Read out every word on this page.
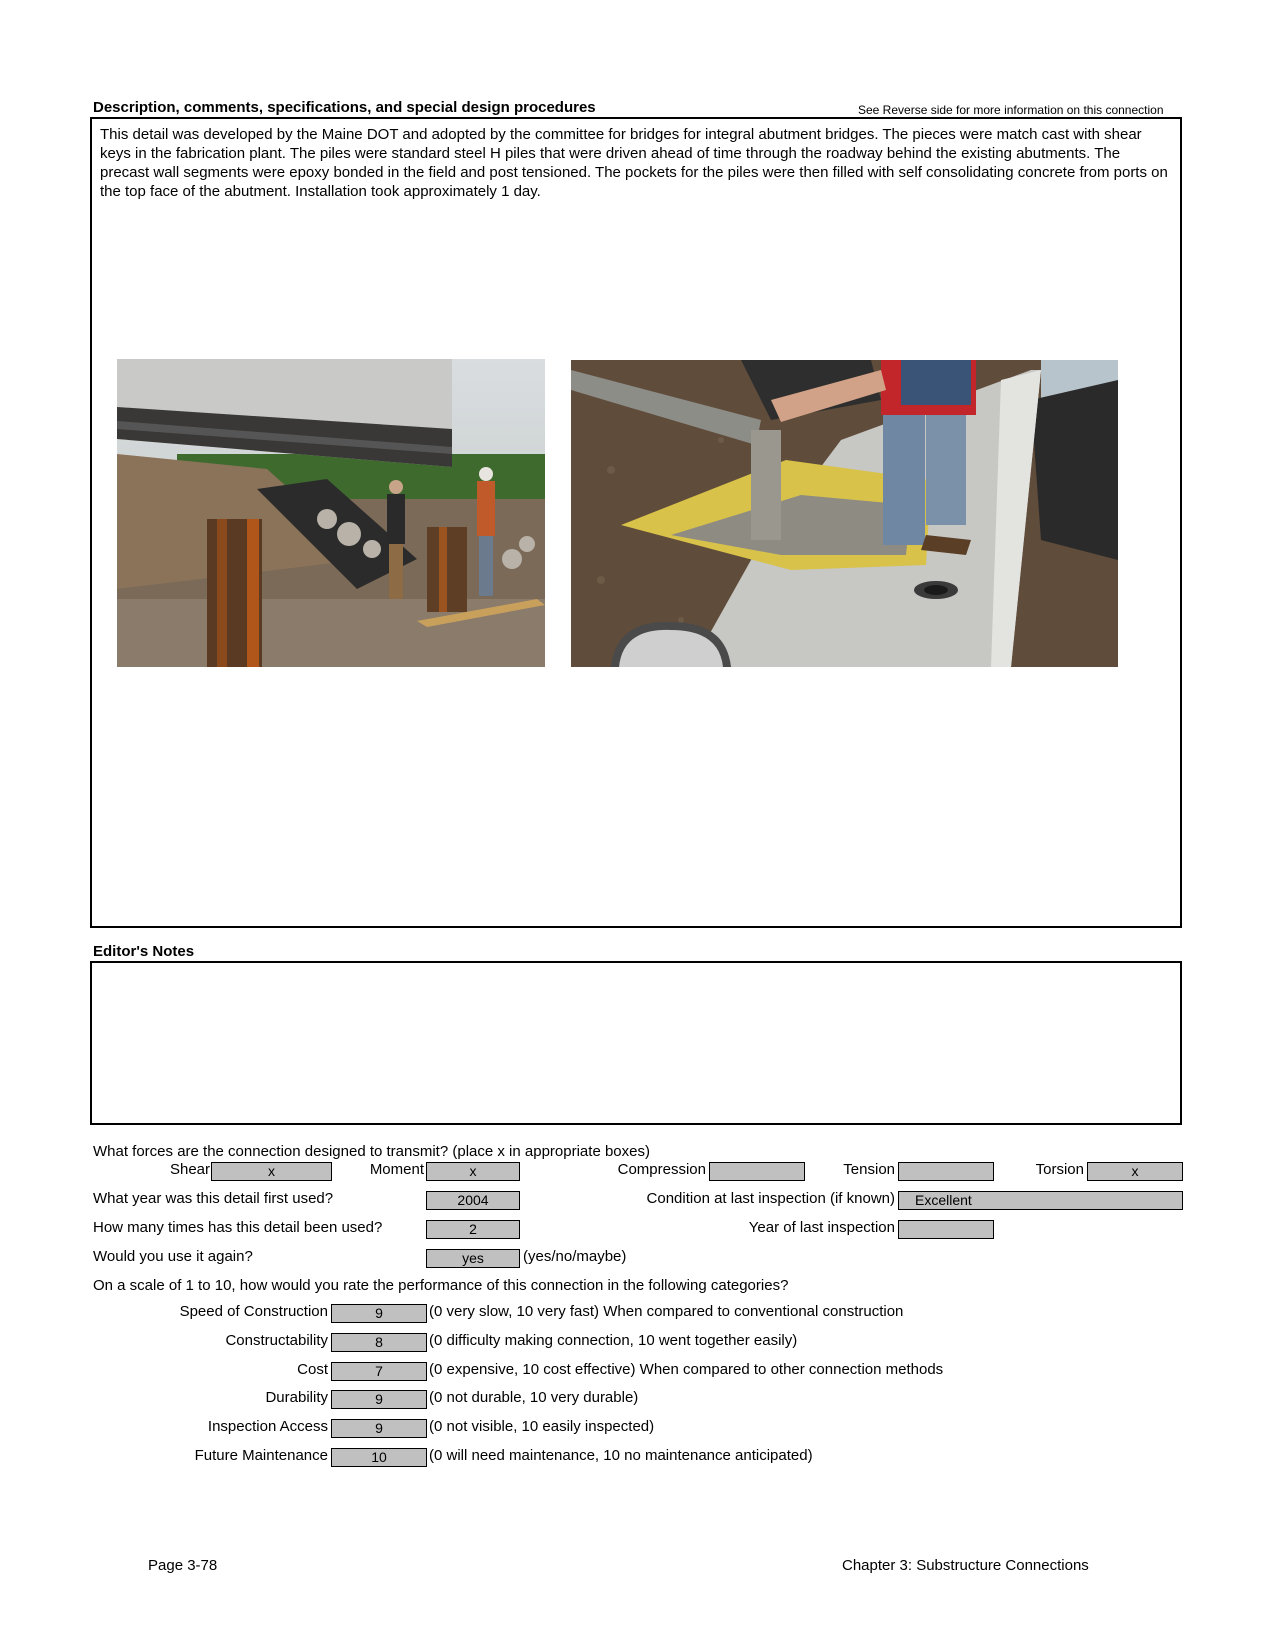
Description, comments, specifications, and special design procedures	See Reverse side for more information on this connection
This detail was developed by the Maine DOT and adopted by the committee for bridges for integral abutment bridges. The pieces were match cast with shear keys in the fabrication plant. The piles were standard steel H piles that were driven ahead of time through the roadway behind the existing abutments. The precast wall segments were epoxy bonded in the field and post tensioned. The pockets for the piles were then filled with self consolidating concrete from ports on the top face of the abutment. Installation took approximately 1 day.
Editor's Notes
What forces are the connection designed to transmit? (place x in appropriate boxes)
Shear	x	Moment	x	Compression	Tension	Torsion	x
What year was this detail first used?	2004	Condition at last inspection (if known)	Excellent
How many times has this detail been used?	2	Year of last inspection
Would you use it again?	yes	(yes/no/maybe)
On a scale of 1 to 10, how would you rate the performance of this connection in the following categories?
Speed of Construction	9	(0 very slow, 10 very fast) When compared to conventional construction
Constructability	8	(0 difficulty making connection, 10 went together easily)
Cost	7	(0 expensive, 10 cost effective) When compared to other connection methods
Durability	9	(0 not durable, 10 very durable)
Inspection Access	9	(0 not visible, 10 easily inspected)
Future Maintenance	10	(0 will need maintenance, 10 no maintenance anticipated)
Page 3-78	Chapter 3: Substructure Connections
